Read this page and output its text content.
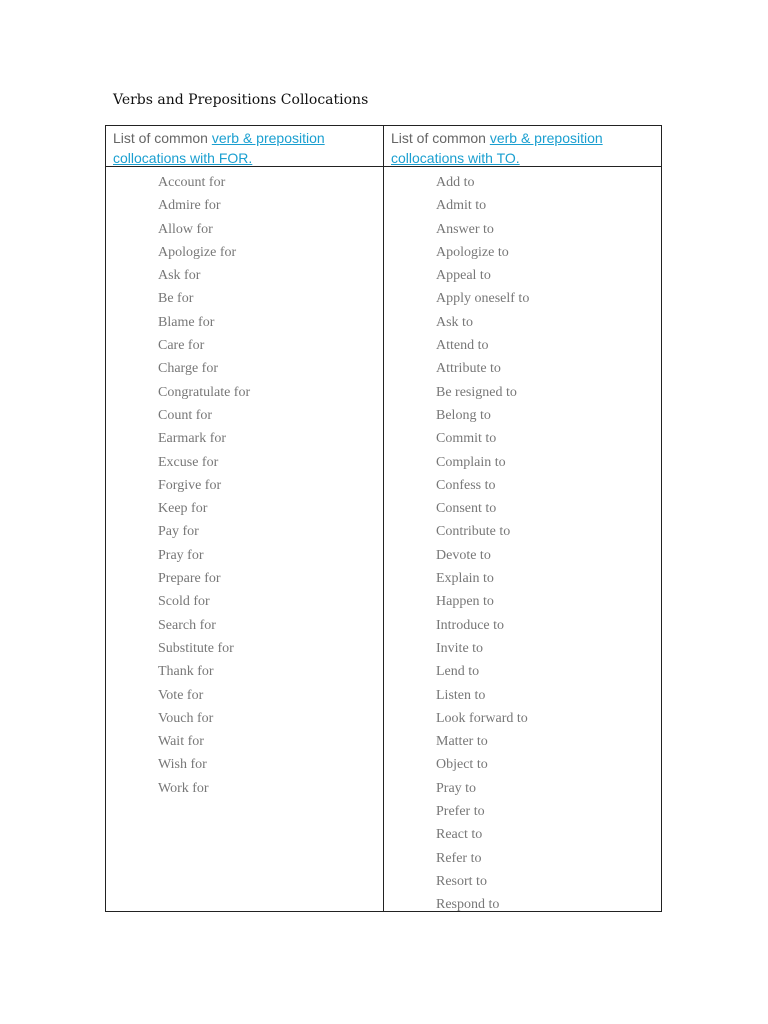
Verbs and Prepositions Collocations
List of common verb & preposition
collocations with FOR.
List of common verb & preposition
collocations with TO.
Account for
Admire for
Allow for
Apologize for
Ask for
Be for
Blame for
Care for
Charge for
Congratulate for
Count for
Earmark for
Excuse for
Forgive for
Keep for
Pay for
Pray for
Prepare for
Scold for
Search for
Substitute for
Thank for
Vote for
Vouch for
Wait for
Wish for
Work for
Add to
Admit to
Answer to
Apologize to
Appeal to
Apply oneself to
Ask to
Attend to
Attribute to
Be resigned to
Belong to
Commit to
Complain to
Confess to
Consent to
Contribute to
Devote to
Explain to
Happen to
Introduce to
Invite to
Lend to
Listen to
Look forward to
Matter to
Object to
Pray to
Prefer to
React to
Refer to
Resort to
Respond to
